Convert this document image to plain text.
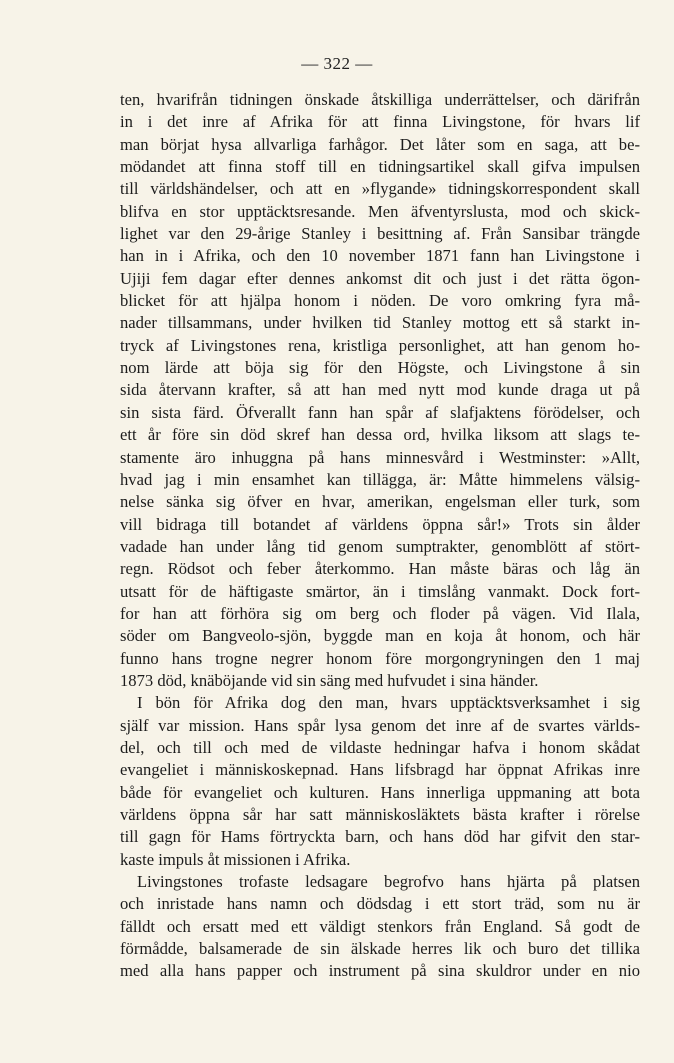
— 322 —
ten, hvarifrån tidningen önskade åtskilliga underrättelser, och därifrån
in i det inre af Afrika för att finna Livingstone, för hvars lif
man börjat hysa allvarliga farhågor. Det låter som en saga, att be-
mödandet att finna stoff till en tidningsartikel skall gifva impulsen
till världshändelser, och att en »flygande» tidningskorrespondent skall
blifva en stor upptäcktsresande. Men äfventyrslusta, mod och skick-
lighet var den 29-årige Stanley i besittning af. Från Sansibar trängde
han in i Afrika, och den 10 november 1871 fann han Livingstone i
Ujiji fem dagar efter dennes ankomst dit och just i det rätta ögon-
blicket för att hjälpa honom i nöden. De voro omkring fyra må-
nader tillsammans, under hvilken tid Stanley mottog ett så starkt in-
tryck af Livingstones rena, kristliga personlighet, att han genom ho-
nom lärde att böja sig för den Högste, och Livingstone å sin
sida återvann krafter, så att han med nytt mod kunde draga ut på
sin sista färd. Öfverallt fann han spår af slafjaktens förödelser, och
ett år före sin död skref han dessa ord, hvilka liksom att slags te-
stamente äro inhuggna på hans minnesvård i Westminster: »Allt,
hvad jag i min ensamhet kan tillägga, är: Måtte himmelens välsig-
nelse sänka sig öfver en hvar, amerikan, engelsman eller turk, som
vill bidraga till botandet af världens öppna sår!» Trots sin ålder
vadade han under lång tid genom sumptrakter, genomblött af stört-
regn. Rödsot och feber återkommo. Han måste bäras och låg än
utsatt för de häftigaste smärtor, än i timslång vanmakt. Dock fort-
for han att förhöra sig om berg och floder på vägen. Vid Ilala,
söder om Bangveolo-sjön, byggde man en koja åt honom, och här
funno hans trogne negrer honom före morgongryningen den 1 maj
1873 död, knäböjande vid sin säng med hufvudet i sina händer.
I bön för Afrika dog den man, hvars upptäcktsverksamhet i sig
själf var mission. Hans spår lysa genom det inre af de svartes världs-
del, och till och med de vildaste hedningar hafva i honom skådat
evangeliet i människoskepnad. Hans lifsbragd har öppnat Afrikas inre
både för evangeliet och kulturen. Hans innerliga uppmaning att bota
världens öppna sår har satt människosläktets bästa krafter i rörelse
till gagn för Hams förtryckta barn, och hans död har gifvit den star-
kaste impuls åt missionen i Afrika.
Livingstones trofaste ledsagare begrofvo hans hjärta på platsen
och inristade hans namn och dödsdag i ett stort träd, som nu är
fälldt och ersatt med ett väldigt stenkors från England. Så godt de
förmådde, balsamerade de sin älskade herres lik och buro det tillika
med alla hans papper och instrument på sina skuldror under en nio
